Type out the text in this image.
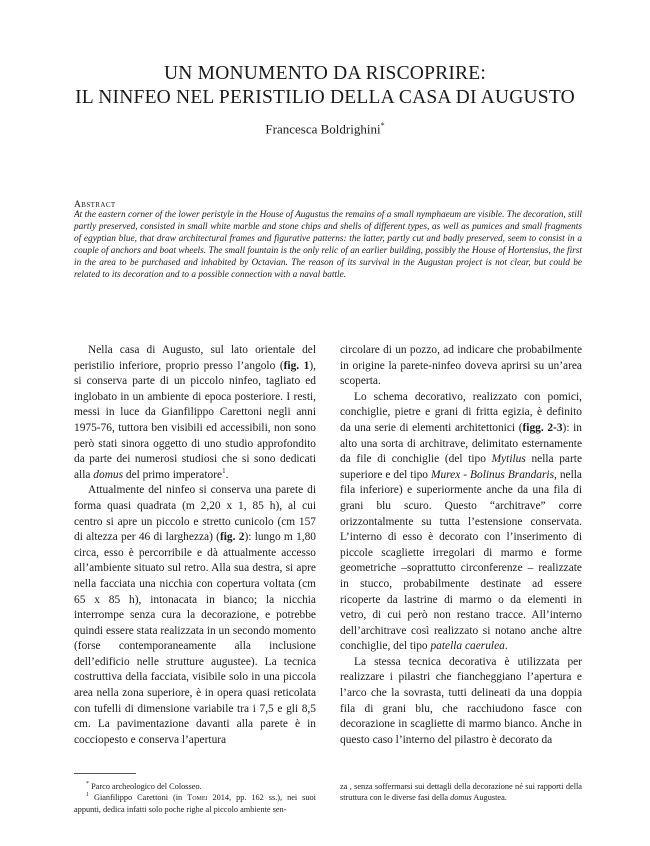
UN MONUMENTO DA RISCOPRIRE:
IL NINFEO NEL PERISTILIO DELLA CASA DI AUGUSTO
Francesca Boldrighini*
Abstract

At the eastern corner of the lower peristyle in the House of Augustus the remains of a small nymphaeum are visible. The decoration, still partly preserved, consisted in small white marble and stone chips and shells of different types, as well as pumices and small fragments of egyptian blue, that draw architectural frames and figurative patterns: the latter, partly cut and badly preserved, seem to consist in a couple of anchors and boat wheels. The small fountain is the only relic of an earlier building, possibly the House of Hortensius, the first in the area to be purchased and inhabited by Octavian. The reason of its survival in the Augustan project is not clear, but could be related to its decoration and to a possible connection with a naval battle.

Nella casa di Augusto, sul lato orientale del peristilio inferiore, proprio presso l’angolo (fig. 1), si conserva parte di un piccolo ninfeo, tagliato ed inglobato in un ambiente di epoca posteriore. I resti, messi in luce da Gianfilippo Carettoni negli anni 1975-76, tuttora ben visibili ed accessibili, non sono però stati sinora oggetto di uno studio approfondito da parte dei numerosi studiosi che si sono dedicati alla domus del primo imperatore$^1$.

Attualmente del ninfeo si conserva una parete di forma quasi quadrata (m 2,20 x 1, 85 h), al cui centro si apre un piccolo e stretto cunicolo (cm 157 di altezza per 46 di larghezza) (fig. 2): lungo m 1,80 circa, esso è percorribile e dà attualmente accesso all’ambiente situato sul retro. Alla sua destra, si apre nella facciata una nicchia con copertura voltata (cm 65 x 85 h), intonacata in bianco; la nicchia interrompe senza cura la decorazione, e potrebbe quindi essere stata realizzata in un secondo momento (forse contemporaneamente alla inclusione dell’edificio nelle strutture augustee). La tecnica costruttiva della facciata, visibile solo in una piccola area nella zona superiore, è in opera quasi reticolata con tufelli di dimensione variabile tra i 7,5 e gli 8,5 cm. La pavimentazione davanti alla parete è in cocciopesto e conserva l’apertura

circolare di un pozzo, ad indicare che probabilmente in origine la parete-ninfeo doveva aprirsi su un’area scoperta.

Lo schema decorativo, realizzato con pomici, conchiglie, pietre e grani di fritta egizia, è definito da una serie di elementi architettonici (figg. 2-3): in alto una sorta di architrave, delimitato esternamente da file di conchiglie (del tipo Mytilus nella parte superiore e del tipo Murex - Bolinus Brandaris, nella fila inferiore) e superiormente anche da una fila di grani blu scuro. Questo “architrave” corre orizzontalmente su tutta l’estensione conservata. L’interno di esso è decorato con l’inserimento di piccole scagliette irregolari di marmo e forme geometriche –soprattutto circonferenze – realizzate in stucco, probabilmente destinate ad essere ricoperte da lastrine di marmo o da elementi in vetro, di cui però non restano tracce. All’interno dell’architrave così realizzato si notano anche altre conchiglie, del tipo patella caerulea.

La stessa tecnica decorativa è utilizzata per realizzare i pilastri che fiancheggiano l’apertura e l’arco che la sovrasta, tutti delineati da una doppia fila di grani blu, che racchiudono fasce con decorazione in scagliette di marmo bianco. Anche in questo caso l’interno del pilastro è decorato da

* Parco archeologico del Colosseo.

$^1$ Gianfilippo Carettoni (in Tomei 2014, pp. 162 ss.), nei suoi appunti, dedica infatti solo poche righe al piccolo ambiente sen-

za , senza soffermarsi sui dettagli della decorazione né sui rapporti della struttura con le diverse fasi della domus Augustea.
